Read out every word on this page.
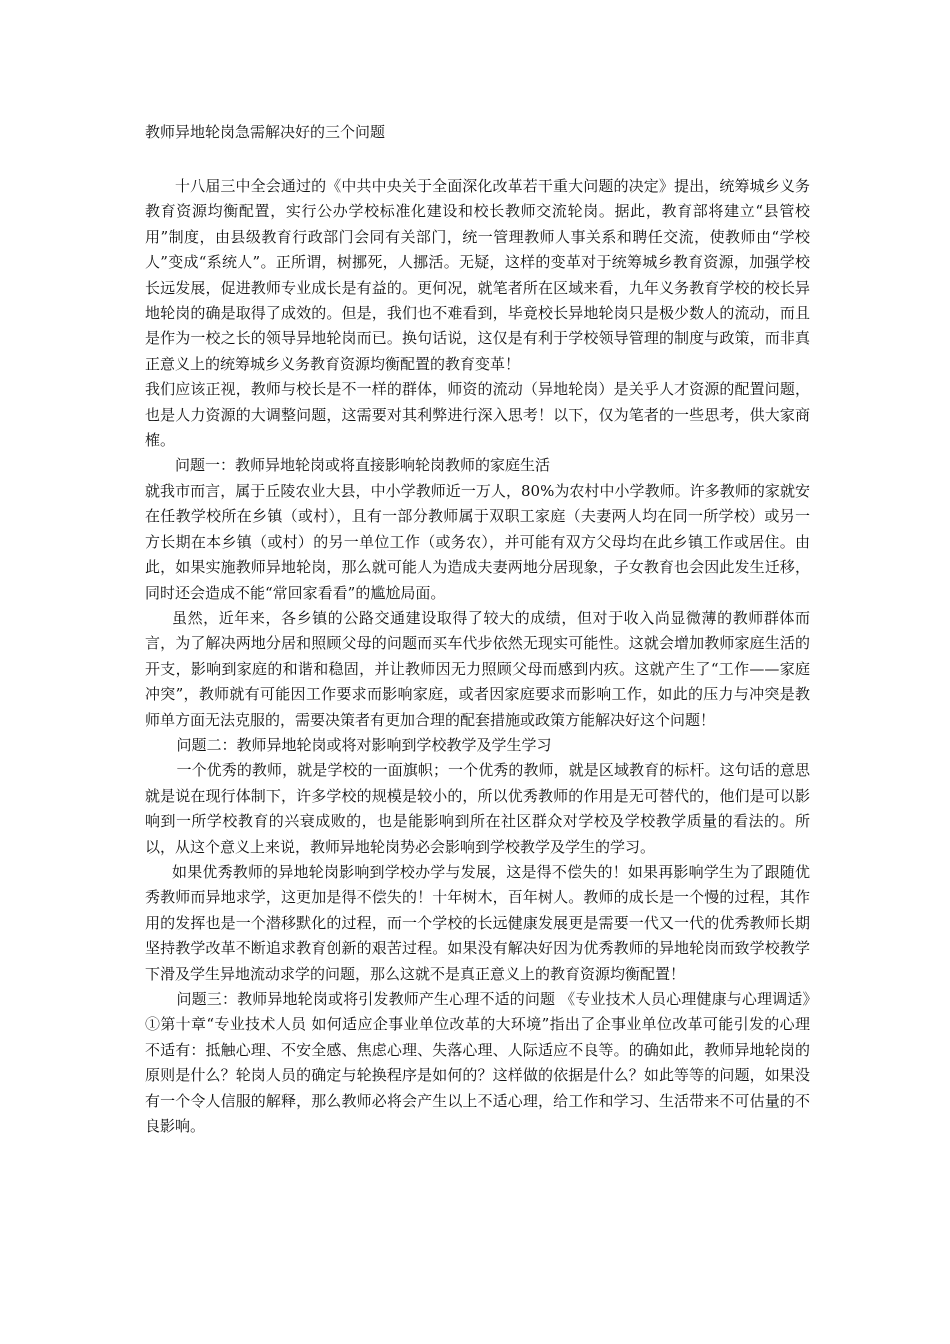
教师异地轮岗急需解决好的三个问题

十八届三中全会通过的《中共中央关于全面深化改革若干重大问题的决定》提出，统筹城乡义务教育资源均衡配置，实行公办学校标准化建设和校长教师交流轮岗。据此，教育部将建立“县管校用”制度，由县级教育行政部门会同有关部门，统一管理教师人事关系和聘任交流，使教师由“学校人”变成“系统人”。正所谓，树挪死，人挪活。无疑，这样的变革对于统筹城乡教育资源，加强学校长远发展，促进教师专业成长是有益的。更何况，就笔者所在区域来看，九年义务教育学校的校长异地轮岗的确是取得了成效的。但是，我们也不难看到，毕竟校长异地轮岗只是极少数人的流动，而且是作为一校之长的领导异地轮岗而已。换句话说，这仅是有利于学校领导管理的制度与政策，而非真正意义上的统筹城乡义务教育资源均衡配置的教育变革！

我们应该正视，教师与校长是不一样的群体，师资的流动（异地轮岗）是关乎人才资源的配置问题，也是人力资源的大调整问题，这需要对其利弊进行深入思考！以下，仅为笔者的一些思考，供大家商榷。

问题一：教师异地轮岗或将直接影响轮岗教师的家庭生活

就我市而言，属于丘陵农业大县，中小学教师近一万人，80%为农村中小学教师。许多教师的家就安在任教学校所在乡镇（或村），且有一部分教师属于双职工家庭（夫妻两人均在同一所学校）或另一方长期在本乡镇（或村）的另一单位工作（或务农），并可能有双方父母均在此乡镇工作或居住。由此，如果实施教师异地轮岗，那么就可能人为造成夫妻两地分居现象，子女教育也会因此发生迁移，同时还会造成不能“常回家看看”的尴尬局面。

虽然，近年来，各乡镇的公路交通建设取得了较大的成绩，但对于收入尚显微薄的教师群体而言，为了解决两地分居和照顾父母的问题而买车代步依然无现实可能性。这就会增加教师家庭生活的开支，影响到家庭的和谐和稳固，并让教师因无力照顾父母而感到内疚。这就产生了“工作——家庭冲突”，教师就有可能因工作要求而影响家庭，或者因家庭要求而影响工作，如此的压力与冲突是教师单方面无法克服的，需要决策者有更加合理的配套措施或政策方能解决好这个问题！

问题二：教师异地轮岗或将对影响到学校教学及学生学习

一个优秀的教师，就是学校的一面旗帜；一个优秀的教师，就是区域教育的标杆。这句话的意思就是说在现行体制下，许多学校的规模是较小的，所以优秀教师的作用是无可替代的，他们是可以影响到一所学校教育的兴衰成败的，也是能影响到所在社区群众对学校及学校教学质量的看法的。所以，从这个意义上来说，教师异地轮岗势必会影响到学校教学及学生的学习。

如果优秀教师的异地轮岗影响到学校办学与发展，这是得不偿失的！如果再影响学生为了跟随优秀教师而异地求学，这更加是得不偿失的！十年树木，百年树人。教师的成长是一个慢的过程，其作用的发挥也是一个潜移默化的过程，而一个学校的长远健康发展更是需要一代又一代的优秀教师长期坚持教学改革不断追求教育创新的艰苦过程。如果没有解决好因为优秀教师的异地轮岗而致学校教学下滑及学生异地流动求学的问题，那么这就不是真正意义上的教育资源均衡配置！

问题三：教师异地轮岗或将引发教师产生心理不适的问题 《专业技术人员心理健康与心理调适》①第十章“专业技术人员 如何适应企事业单位改革的大环境”指出了企事业单位改革可能引发的心理不适有：抵触心理、不安全感、焦虑心理、失落心理、人际适应不良等。的确如此，教师异地轮岗的原则是什么？轮岗人员的确定与轮换程序是如何的？这样做的依据是什么？如此等等的问题，如果没有一个令人信服的解释，那么教师必将会产生以上不适心理，给工作和学习、生活带来不可估量的不良影响。
